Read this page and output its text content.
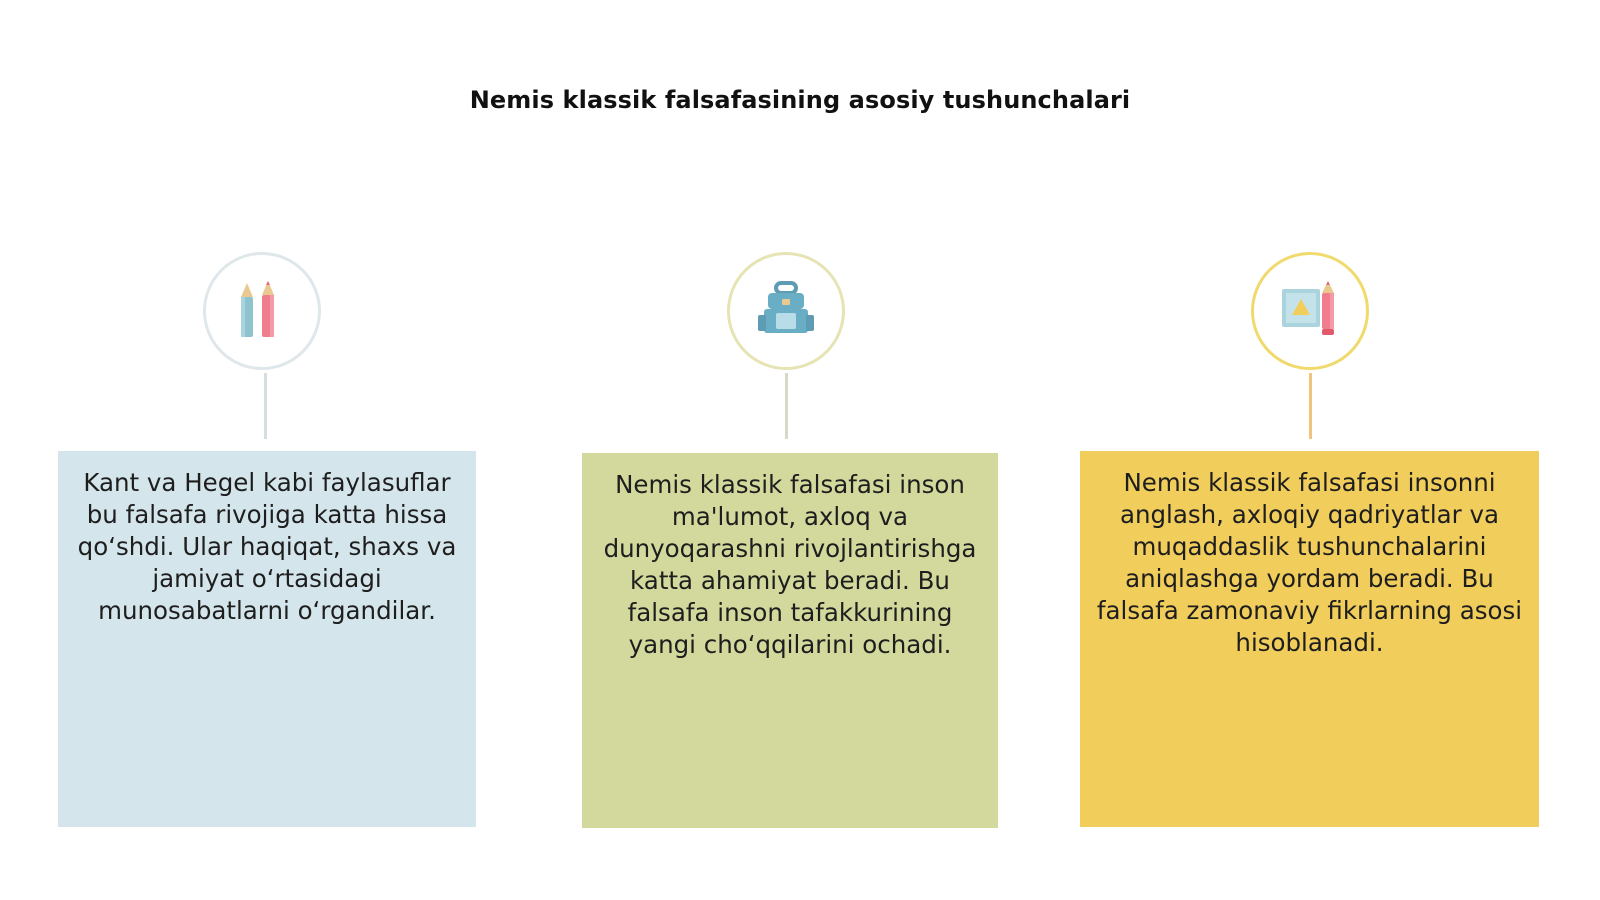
Nemis klassik falsafasining asosiy tushunchalari
Kant va Hegel kabi faylasuflar bu falsafa rivojiga katta hissa qo‘shdi. Ular haqiqat, shaxs va jamiyat o‘rtasidagi munosabatlarni o‘rgandilar.
Nemis klassik falsafasi inson ma'lumot, axloq va dunyoqarashni rivojlantirishga katta ahamiyat beradi. Bu falsafa inson tafakkurining yangi cho‘qqilarini ochadi.
Nemis klassik falsafasi insonni anglash, axloqiy qadriyatlar va muqaddaslik tushunchalarini aniqlashga yordam beradi. Bu falsafa zamonaviy fikrlarning asosi hisoblanadi.
